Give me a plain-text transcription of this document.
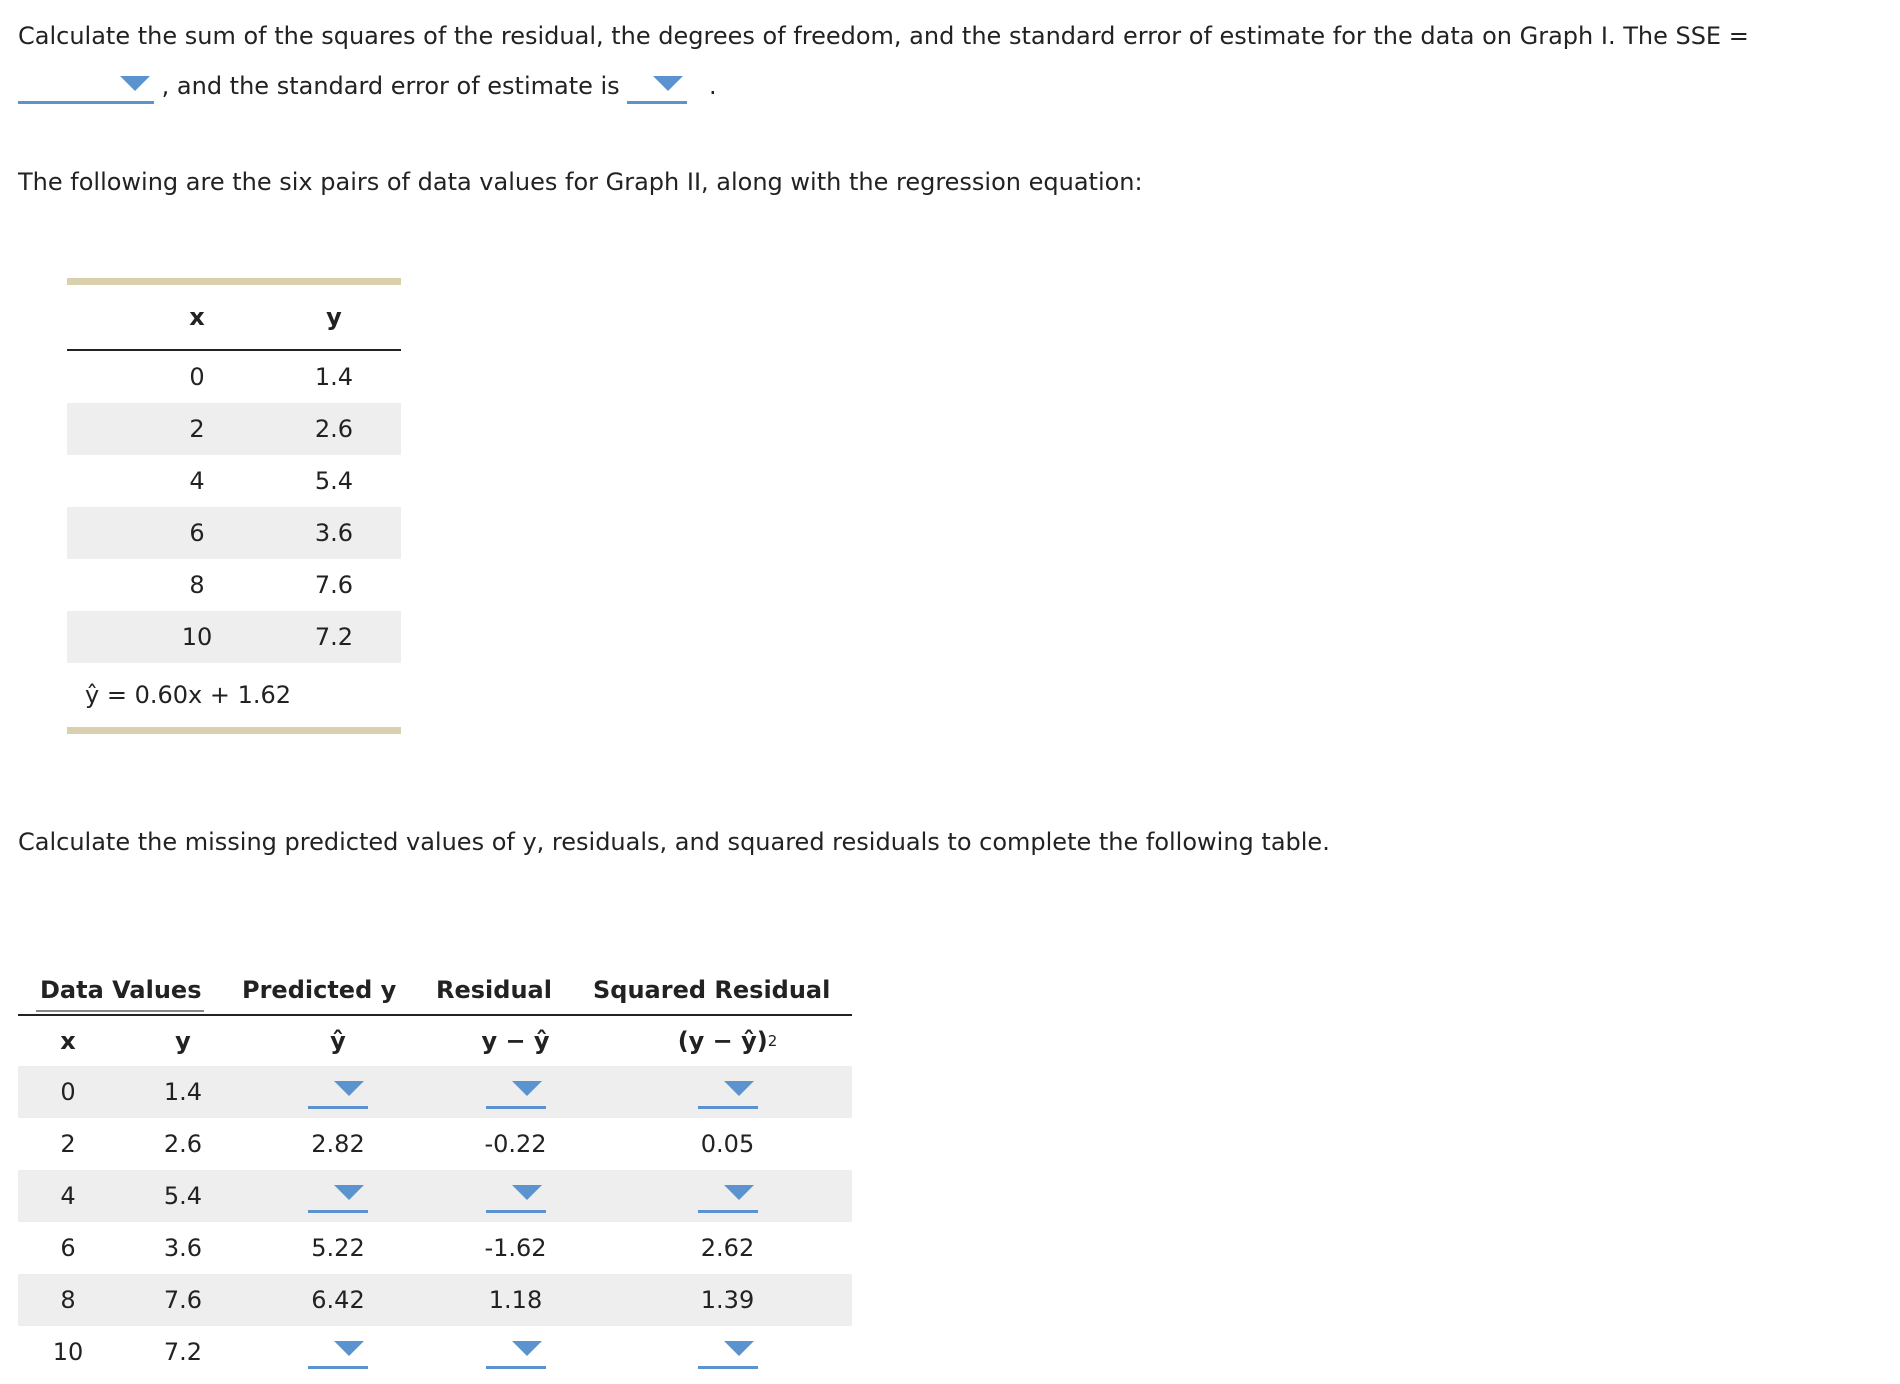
Calculate the sum of the squares of the residual, the degrees of freedom, and the standard error of estimate for the data on Graph I. The SSE =
, and the standard error of estimate is	.
The following are the six pairs of data values for Graph II, along with the regression equation:
x	y
0	1.4
2	2.6
4	5.4
6	3.6
8	7.6
10	7.2
ŷ = 0.60x + 1.62
Calculate the missing predicted values of y, residuals, and squared residuals to complete the following table.
Data Values Predicted y Residual Squared Residual
x	y	ŷ	y − ŷ	(y − ŷ) 2
0	1.4
2	2.6	2.82	-0.22	0.05
4	5.4
6	3.6	5.22	-1.62	2.62
8	7.6	6.42	1.18	1.39
10	7.2
